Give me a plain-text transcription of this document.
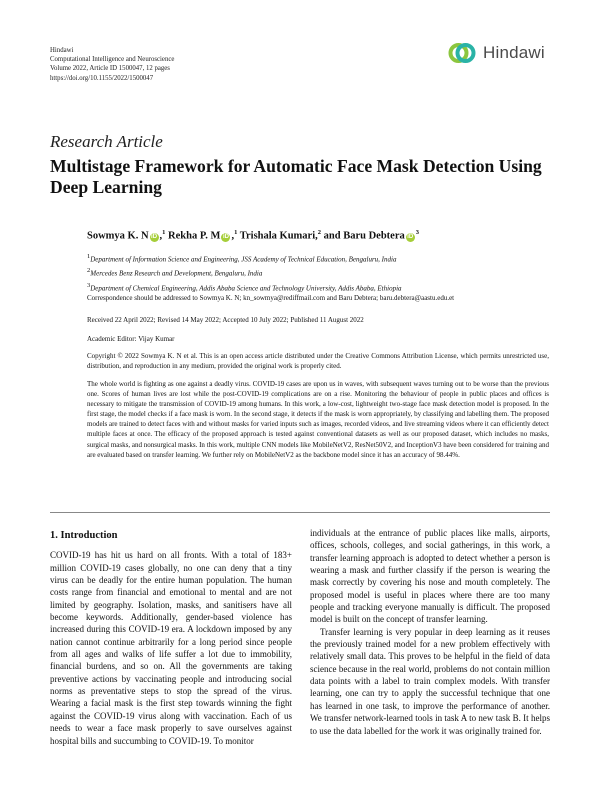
Hindawi
Computational Intelligence and Neuroscience
Volume 2022, Article ID 1500047, 12 pages
https://doi.org/10.1155/2022/1500047
Hindawi
Research Article
Multistage Framework for Automatic Face Mask Detection Using Deep Learning
Sowmya K. N iD ,$^1$ Rekha P. M iD ,$^1$ Trishala Kumari,$^2$ and Baru Debtera $iD^3$
$^1$Department of Information Science and Engineering, JSS Academy of Technical Education, Bengaluru, India
$^2$Mercedes Benz Research and Development, Bengaluru, India
$^3$Department of Chemical Engineering, Addis Ababa Science and Technology University, Addis Ababa, Ethiopia
Correspondence should be addressed to Sowmya K. N; kn_sowmya@rediffmail.com and Baru Debtera; baru.debtera@aastu.edu.et
Received 22 April 2022; Revised 14 May 2022; Accepted 10 July 2022; Published 11 August 2022
Academic Editor: Vijay Kumar
Copyright © 2022 Sowmya K. N et al. This is an open access article distributed under the Creative Commons Attribution License, which permits unrestricted use, distribution, and reproduction in any medium, provided the original work is properly cited.
The whole world is fighting as one against a deadly virus. COVID-19 cases are upon us in waves, with subsequent waves turning out to be worse than the previous one. Scores of human lives are lost while the post-COVID-19 complications are on a rise. Monitoring the behaviour of people in public places and offices is necessary to mitigate the transmission of COVID-19 among humans. In this work, a low-cost, lightweight two-stage face mask detection model is proposed. In the first stage, the model checks if a face mask is worn. In the second stage, it detects if the mask is worn appropriately, by classifying and labelling them. The proposed models are trained to detect faces with and without masks for varied inputs such as images, recorded videos, and live streaming videos where it can efficiently detect multiple faces at once. The efficacy of the proposed approach is tested against conventional datasets as well as our proposed dataset, which includes no masks, surgical masks, and nonsurgical masks. In this work, multiple CNN models like MobileNetV2, ResNet50V2, and InceptionV3 have been considered for training and are evaluated based on transfer learning. We further rely on MobileNetV2 as the backbone model since it has an accuracy of 98.44%.
1. Introduction

COVID-19 has hit us hard on all fronts. With a total of 183+ million COVID-19 cases globally, no one can deny that a tiny virus can be deadly for the entire human population. The human costs range from financial and emotional to mental and are not limited by geography. Isolation, masks, and sanitisers have all become keywords. Additionally, gender-based violence has increased during this COVID-19 era. A lockdown imposed by any nation cannot continue arbitrarily for a long period since people from all ages and walks of life suffer a lot due to immobility, financial burdens, and so on. All the governments are taking preventive actions by vaccinating people and introducing social norms as preventative steps to stop the spread of the virus. Wearing a facial mask is the first step towards winning the fight against the COVID-19 virus along with vaccination. Each of us needs to wear a face mask properly to save ourselves against hospital bills and succumbing to COVID-19. To monitor

individuals at the entrance of public places like malls, airports, offices, schools, colleges, and social gatherings, in this work, a transfer learning approach is adopted to detect whether a person is wearing a mask and further classify if the person is wearing the mask correctly by covering his nose and mouth completely. The proposed model is useful in places where there are too many people and tracking everyone manually is difficult. The proposed model is built on the concept of transfer learning.

Transfer learning is very popular in deep learning as it reuses the previously trained model for a new problem effectively with relatively small data. This proves to be helpful in the field of data science because in the real world, problems do not contain million data points with a label to train complex models. With transfer learning, one can try to apply the successful technique that one has learned in one task, to improve the performance of another. We transfer network-learned tools in task A to new task B. It helps to use the data labelled for the work it was originally trained for.
